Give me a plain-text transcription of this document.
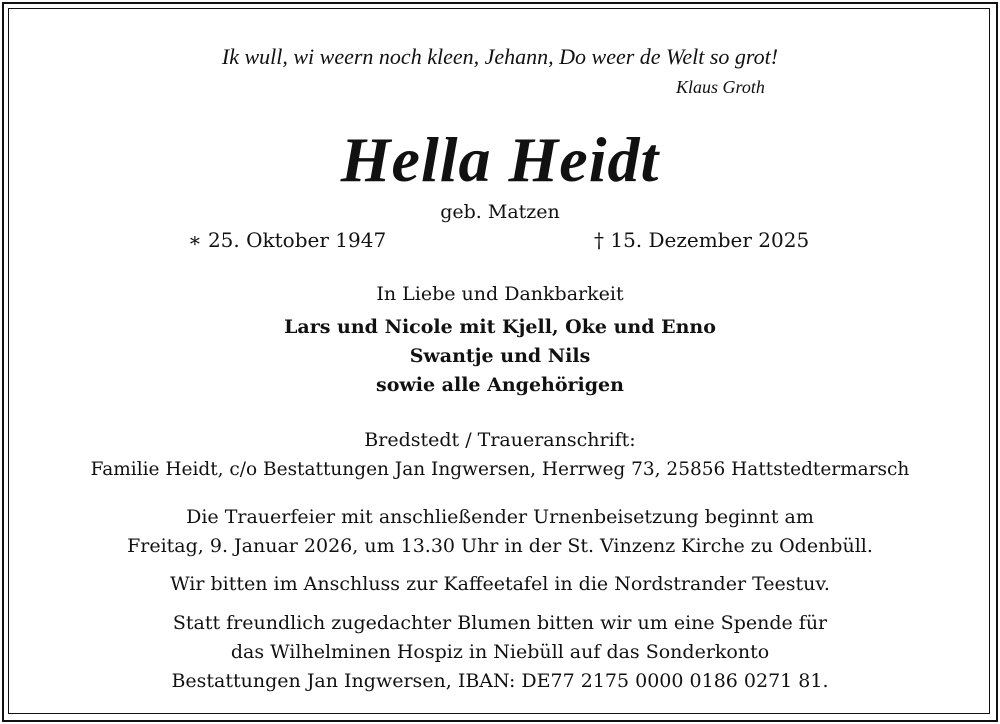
Ik wull, wi weern noch kleen, Jehann, Do weer de Welt so grot!
Klaus Groth
Hella Heidt
geb. Matzen
∗ 25. Oktober 1947	† 15. Dezember 2025
In Liebe und Dankbarkeit
Lars und Nicole mit Kjell, Oke und Enno
Swantje und Nils
sowie alle Angehörigen
Bredstedt / Traueranschrift:
Familie Heidt, c/o Bestattungen Jan Ingwersen, Herrweg 73, 25856 Hattstedtermarsch
Die Trauerfeier mit anschließender Urnenbeisetzung beginnt am
Freitag, 9. Januar 2026, um 13.30 Uhr in der St. Vinzenz Kirche zu Odenbüll.
Wir bitten im Anschluss zur Kaffeetafel in die Nordstrander Teestuv.
Statt freundlich zugedachter Blumen bitten wir um eine Spende für
das Wilhelminen Hospiz in Niebüll auf das Sonderkonto
Bestattungen Jan Ingwersen, IBAN: DE77 2175 0000 0186 0271 81.
